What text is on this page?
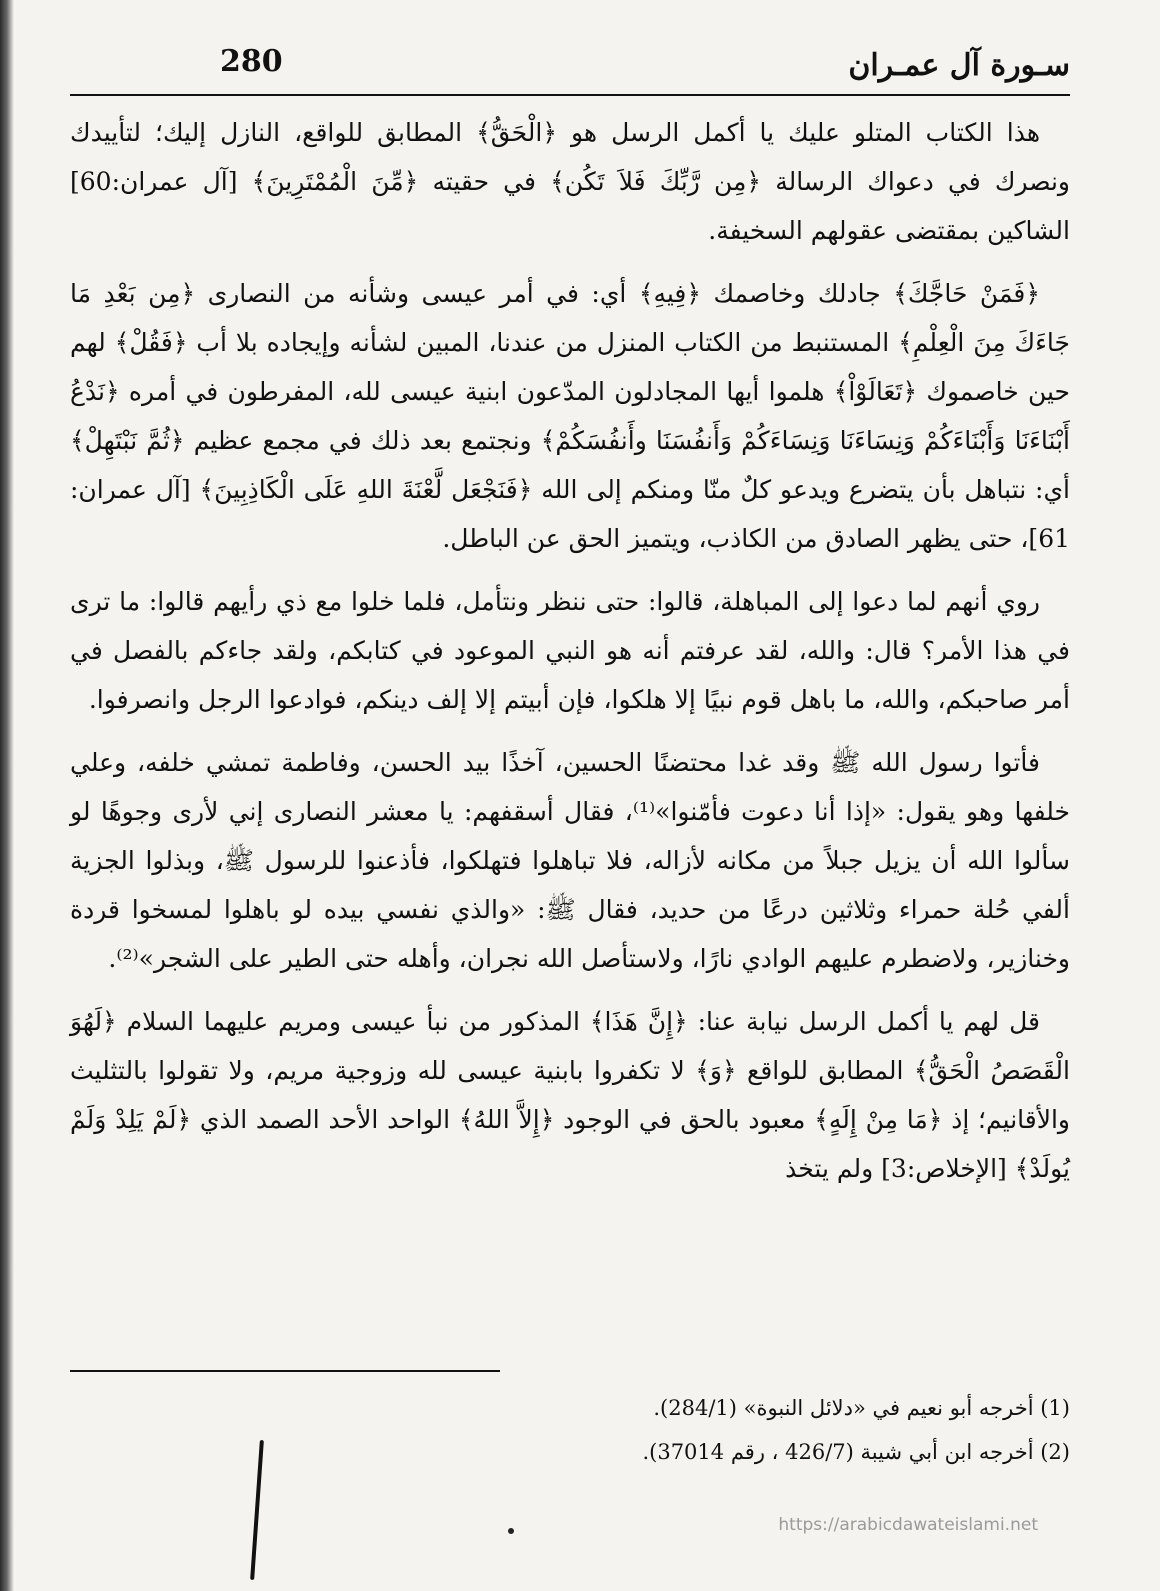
سـورة آل عمـران
280

هذا الكتاب المتلو عليك يا أكمل الرسل هو ﴿الْحَقُّ﴾ المطابق للواقع، النازل إليك؛ لتأييدك ونصرك في دعواك الرسالة ﴿مِن رَّبِّكَ فَلاَ تَكُن﴾ في حقيته ﴿مِّنَ الْمُمْتَرِينَ﴾ [آل عمران:60] الشاكين بمقتضى عقولهم السخيفة.

﴿فَمَنْ حَاجَّكَ﴾ جادلك وخاصمك ﴿فِيهِ﴾ أي: في أمر عيسى وشأنه من النصارى ﴿مِن بَعْدِ مَا جَاءَكَ مِنَ الْعِلْمِ﴾ المستنبط من الكتاب المنزل من عندنا، المبين لشأنه وإيجاده بلا أب ﴿فَقُلْ﴾ لهم حين خاصموك ﴿تَعَالَوْاْ﴾ هلموا أيها المجادلون المدّعون ابنية عيسى لله، المفرطون في أمره ﴿نَدْعُ أَبْنَاءَنَا وَأَبْنَاءَكُمْ وَنِسَاءَنَا وَنِسَاءَكُمْ وَأَنفُسَنَا وأَنفُسَكُمْ﴾ ونجتمع بعد ذلك في مجمع عظيم ﴿ثُمَّ نَبْتَهِلْ﴾ أي: نتباهل بأن يتضرع ويدعو كلٌ منّا ومنكم إلى الله ﴿فَنَجْعَل لَّعْنَةَ اللهِ عَلَى الْكَاذِبِينَ﴾ [آل عمران: 61]، حتى يظهر الصادق من الكاذب، ويتميز الحق عن الباطل.

روي أنهم لما دعوا إلى المباهلة، قالوا: حتى ننظر ونتأمل، فلما خلوا مع ذي رأيهم قالوا: ما ترى في هذا الأمر؟ قال: والله، لقد عرفتم أنه هو النبي الموعود في كتابكم، ولقد جاءكم بالفصل في أمر صاحبكم، والله، ما باهل قوم نبيًا إلا هلكوا، فإن أبيتم إلا إلف دينكم، فوادعوا الرجل وانصرفوا.

فأتوا رسول الله ﷺ وقد غدا محتضنًا الحسين، آخذًا بيد الحسن، وفاطمة تمشي خلفه، وعلي خلفها وهو يقول: «إذا أنا دعوت فأمّنوا»⁽¹⁾، فقال أسقفهم: يا معشر النصارى إني لأرى وجوهًا لو سألوا الله أن يزيل جبلاً من مكانه لأزاله، فلا تباهلوا فتهلكوا، فأذعنوا للرسول ﷺ، وبذلوا الجزية ألفي حُلة حمراء وثلاثين درعًا من حديد، فقال ﷺ: «والذي نفسي بيده لو باهلوا لمسخوا قردة وخنازير، ولاضطرم عليهم الوادي نارًا، ولاستأصل الله نجران، وأهله حتى الطير على الشجر»⁽²⁾.

قل لهم يا أكمل الرسل نيابة عنا: ﴿إِنَّ هَذَا﴾ المذكور من نبأ عيسى ومريم عليهما السلام ﴿لَهُوَ الْقَصَصُ الْحَقُّ﴾ المطابق للواقع ﴿وَ﴾ لا تكفروا بابنية عيسى لله وزوجية مريم، ولا تقولوا بالتثليث والأقانيم؛ إذ ﴿مَا مِنْ إِلَهٍ﴾ معبود بالحق في الوجود ﴿إِلاَّ اللهُ﴾ الواحد الأحد الصمد الذي ﴿لَمْ يَلِدْ وَلَمْ يُولَدْ﴾ [الإخلاص:3] ولم يتخذ

(1) أخرجه أبو نعيم في «دلائل النبوة» (284/1).
(2) أخرجه ابن أبي شيبة (426/7 ، رقم 37014).
https://arabicdawateislami.net
